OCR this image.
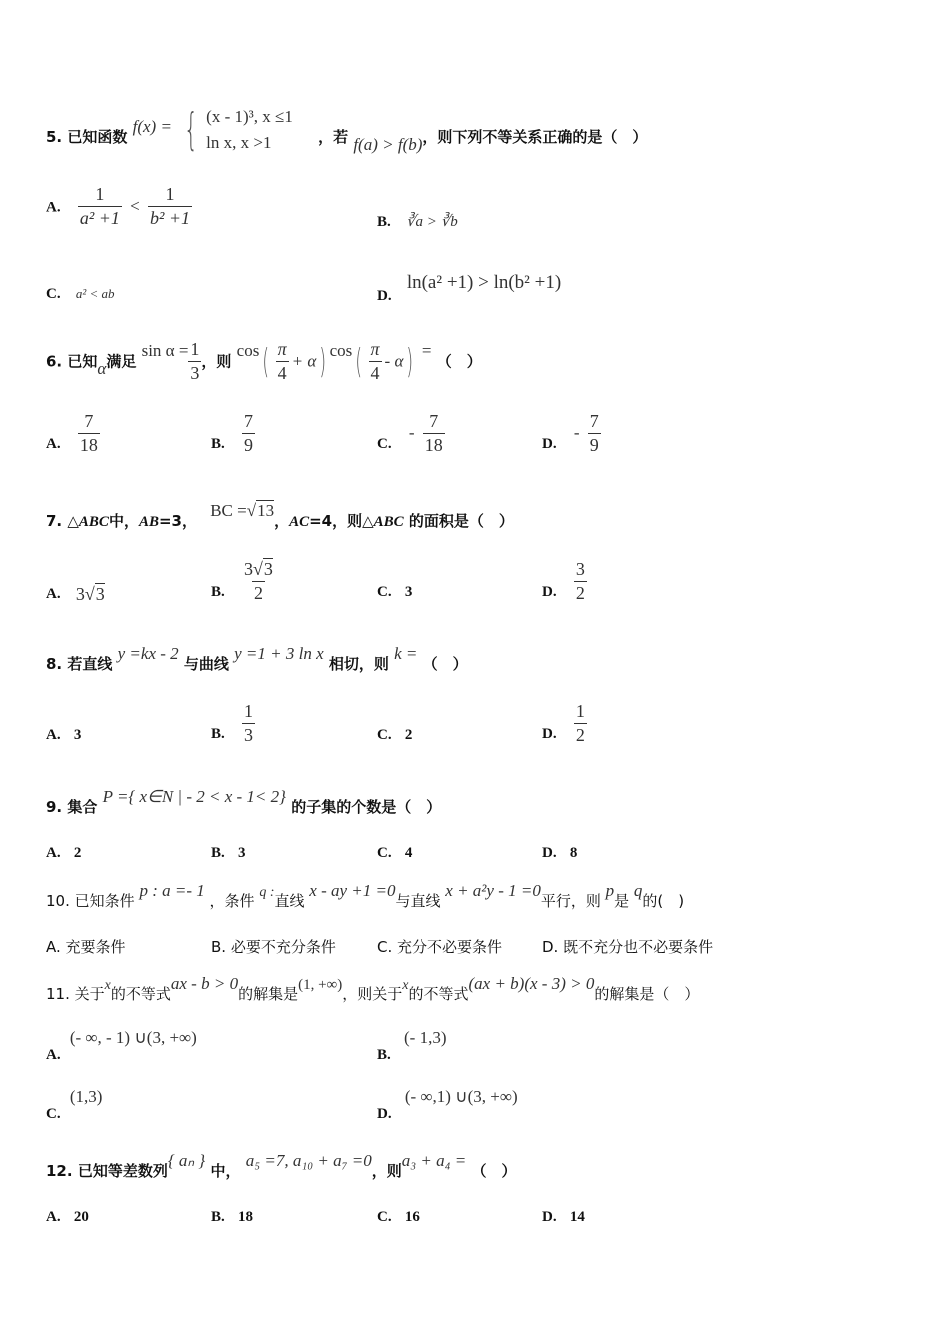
5. 已知函数 f(x) = { (x - 1)³, x ≤1
ln x, x >1	，若 f(a) > f(b)，则下列不等关系正确的是（　）
A. $\frac{1}{\text{a² +1}} < \frac{1}{\text{b² +1}}$	B. ∛a > ∛b
C. a² < ab	D. ln(a² +1) > ln(b² +1)
6. 已知α满足 $\sin \alpha = \frac{1}{3}$ ，则 $\cos( \frac{\pi}{4} + \alpha)$ $\cos( \frac{\pi}{4} - \alpha)$ = （　）
A. $\frac{7}{18}$	B. $\frac{7}{9}$	C. - $\frac{7}{18}$	D. - $\frac{7}{9}$
7. △ABC中，AB=3， BC =√13，AC=4，则△ABC 的面积是（　）
A. 3√3	B. $\frac{3√3}{2}$	C. 3	D. $\frac{3}{2}$
8. 若直线 y =kx - 2 与曲线 y =1 + 3 ln x 相切，则 k = （　）
A. 3	B. $\frac{1}{3}$	C. 2	D. $\frac{1}{2}$
9. 集合 P ={ x∈N | - 2 < x - 1< 2} 的子集的个数是（　）
A. 2	B. 3	C. 4	D. 8
10. 已知条件 p : a =- 1 ，条件 q :直线 x - ay +1 =0与直线 x + a²y - 1 =0平行，则 p是 q的(　)
A. 充要条件	B. 必要不充分条件	C. 充分不必要条件	D. 既不充分也不必要条件
11. 关于x的不等式ax - b > 0的解集是(1, +∞)，则关于x的不等式(ax + b)(x - 3) > 0的解集是（　）
A. (- ∞, - 1) ∪(3, +∞)
B. (- 1,3)
C. (1,3)
D. (- ∞,1) ∪(3, +∞)
12. 已知等差数列{ aₙ } 中， a₅ =7, a₁₀ + a₇ =0，则a₃ + a₄ = （　）
A. 20	B. 18	C. 16	D. 14
